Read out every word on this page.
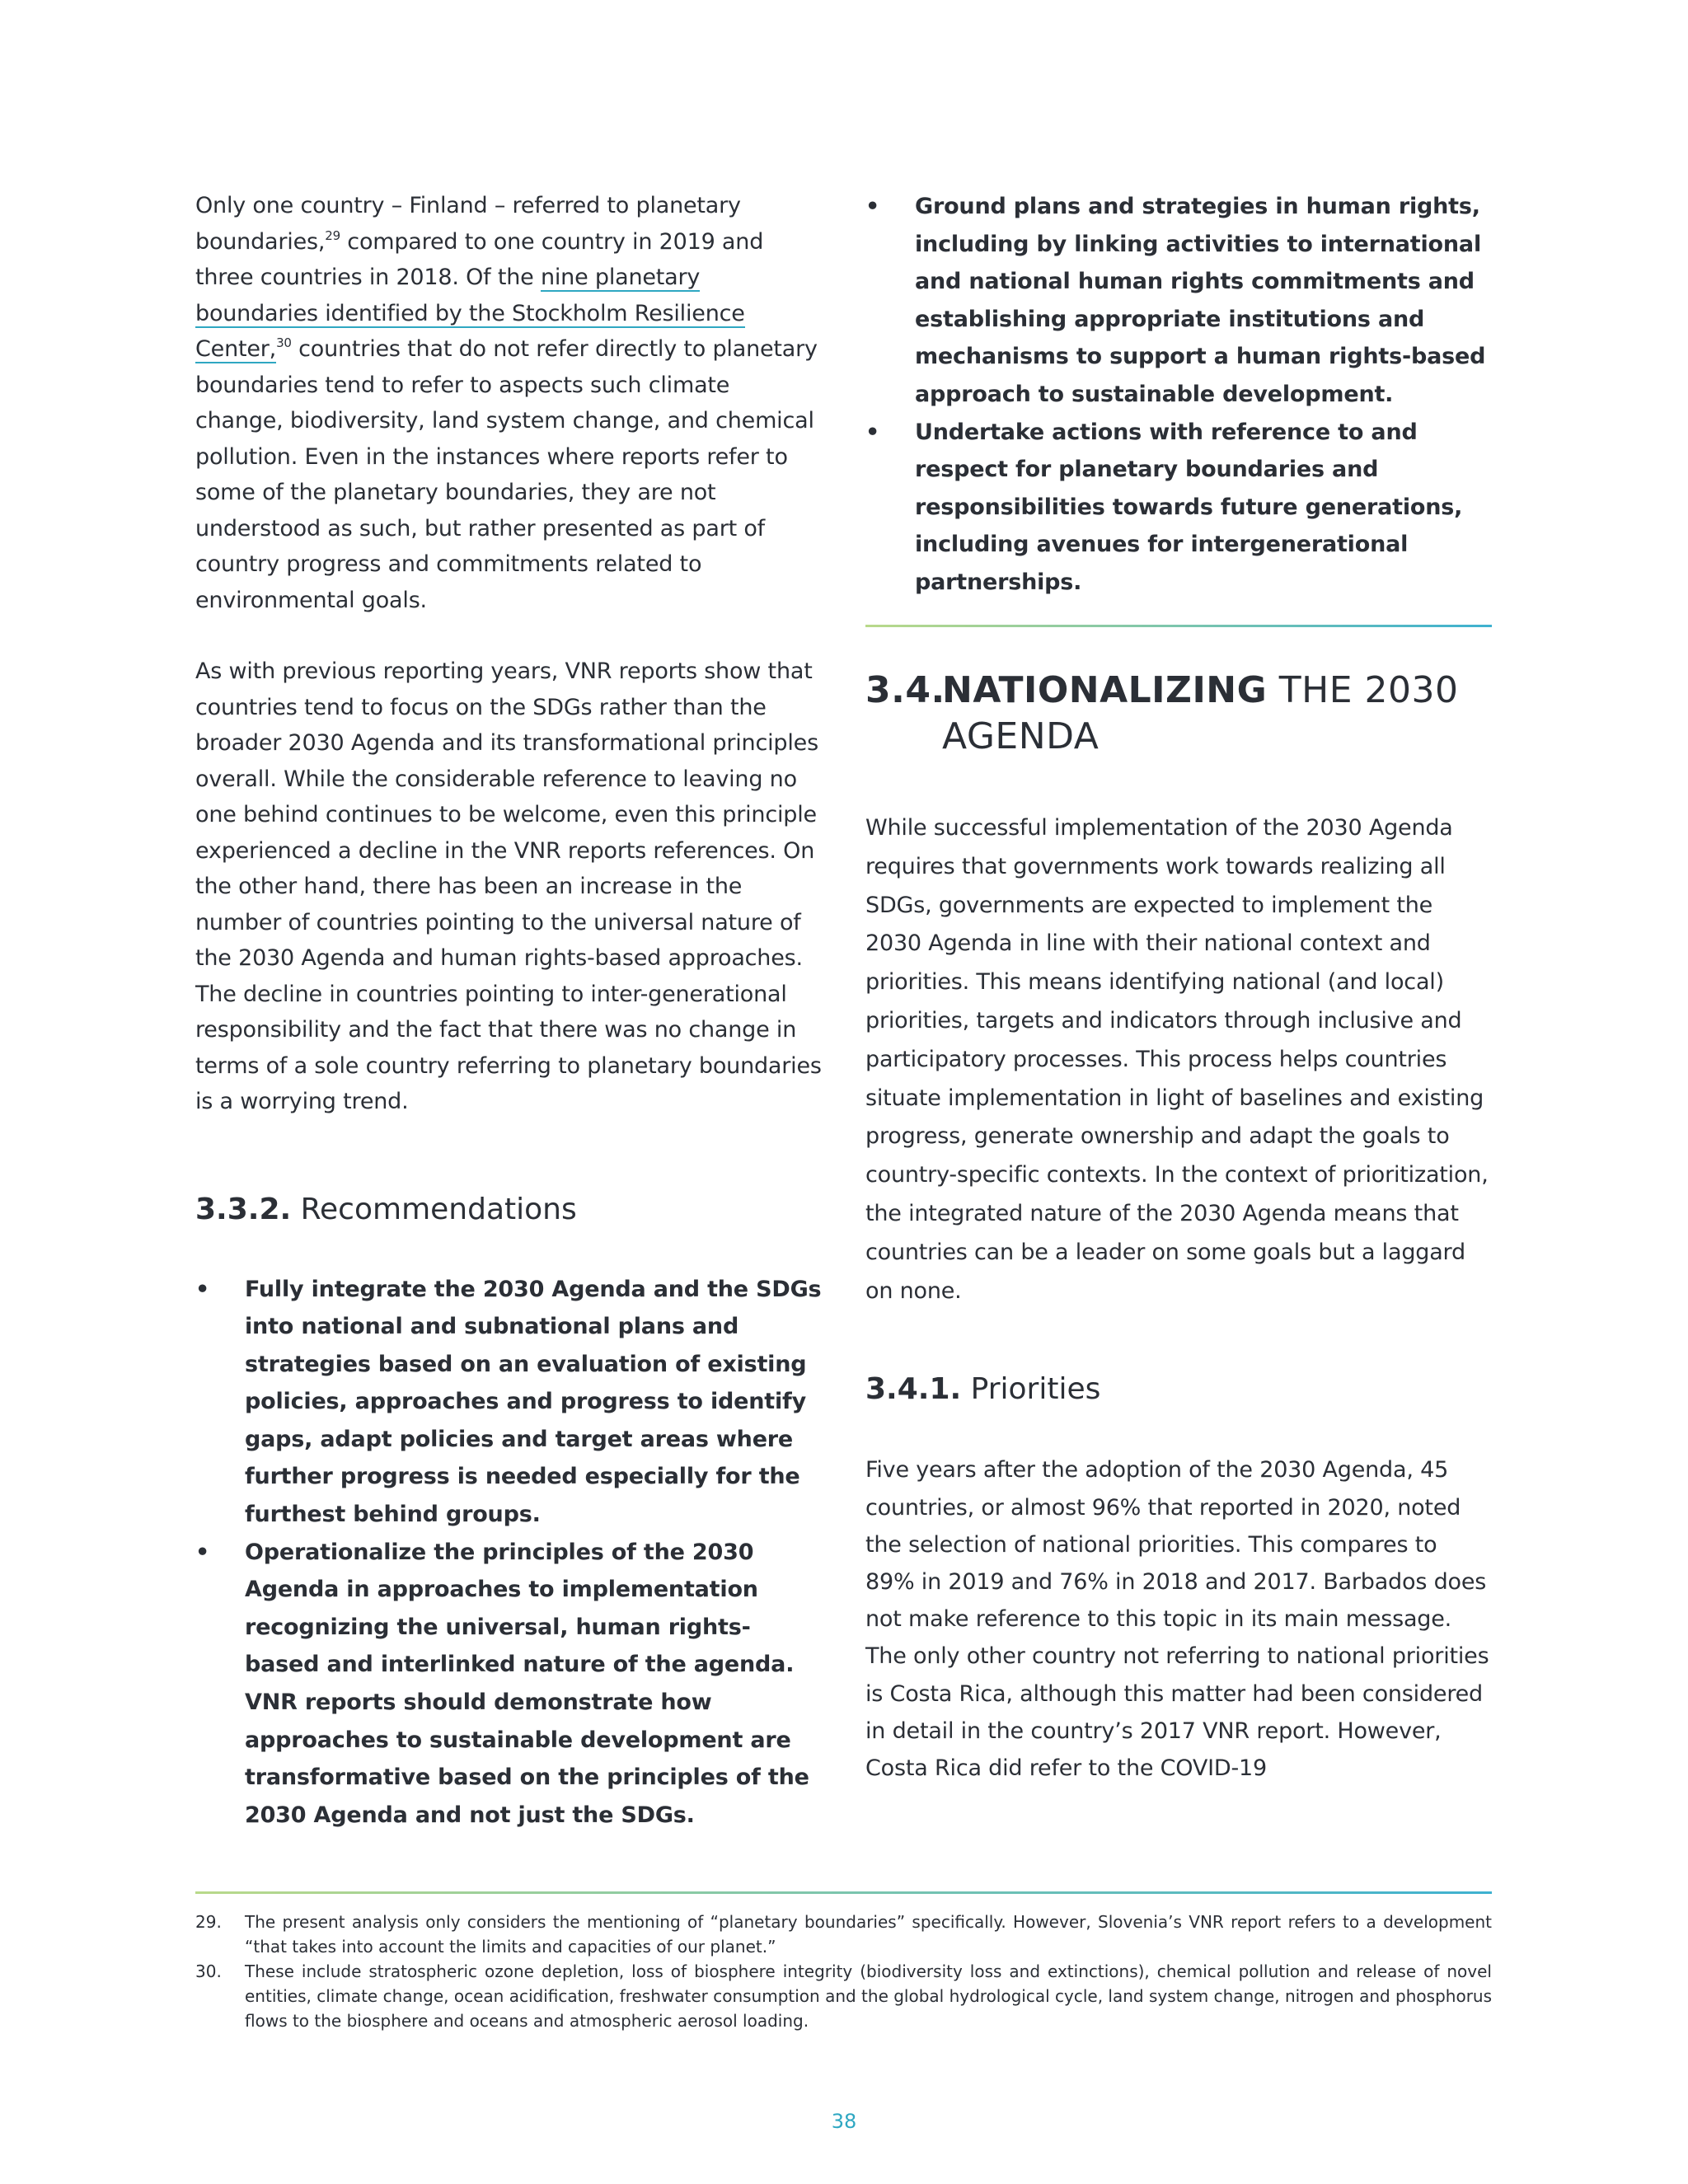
Only one country – Finland – referred to planetary boundaries,$^{29}$ compared to one country in 2019 and three countries in 2018. Of the nine planetary boundaries identified by the Stockholm Resilience Center,$^{30}$ countries that do not refer directly to planetary boundaries tend to refer to aspects such climate change, biodiversity, land system change, and chemical pollution. Even in the instances where reports refer to some of the planetary boundaries, they are not understood as such, but rather presented as part of country progress and commitments related to environmental goals.

As with previous reporting years, VNR reports show that countries tend to focus on the SDGs rather than the broader 2030 Agenda and its transformational principles overall. While the considerable reference to leaving no one behind continues to be welcome, even this principle experienced a decline in the VNR reports references. On the other hand, there has been an increase in the number of countries pointing to the universal nature of the 2030 Agenda and human rights-based approaches. The decline in countries pointing to inter-generational responsibility and the fact that there was no change in terms of a sole country referring to planetary boundaries is a worrying trend.

3.3.2. Recommendations
• Fully integrate the 2030 Agenda and the SDGs into national and subnational plans and strategies based on an evaluation of existing policies, approaches and progress to identify gaps, adapt policies and target areas where further progress is needed especially for the furthest behind groups.
• Operationalize the principles of the 2030 Agenda in approaches to implementation recognizing the universal, human rights-based and interlinked nature of the agenda. VNR reports should demonstrate how approaches to sustainable development are transformative based on the principles of the 2030 Agenda and not just the SDGs.
• Ground plans and strategies in human rights, including by linking activities to international and national human rights commitments and establishing appropriate institutions and mechanisms to support a human rights-based approach to sustainable development.
• Undertake actions with reference to and respect for planetary boundaries and responsibilities towards future generations, including avenues for intergenerational partnerships.
3.4.
NATIONALIZING THE 2030 AGENDA

While successful implementation of the 2030 Agenda requires that governments work towards realizing all SDGs, governments are expected to implement the 2030 Agenda in line with their national context and priorities. This means identifying national (and local) priorities, targets and indicators through inclusive and participatory processes. This process helps countries situate implementation in light of baselines and existing progress, generate ownership and adapt the goals to country-specific contexts. In the context of prioritization, the integrated nature of the 2030 Agenda means that countries can be a leader on some goals but a laggard on none.

3.4.1. Priorities

Five years after the adoption of the 2030 Agenda, 45 countries, or almost 96% that reported in 2020, noted the selection of national priorities. This compares to 89% in 2019 and 76% in 2018 and 2017. Barbados does not make reference to this topic in its main message. The only other country not referring to national priorities is Costa Rica, although this matter had been considered in detail in the country’s 2017 VNR report. However, Costa Rica did refer to the COVID-19

29. The present analysis only considers the mentioning of “planetary boundaries” specifically. However, Slovenia’s VNR report refers to a development “that takes into account the limits and capacities of our planet.”
30. These include stratospheric ozone depletion, loss of biosphere integrity (biodiversity loss and extinctions), chemical pollution and release of novel entities, climate change, ocean acidification, freshwater consumption and the global hydrological cycle, land system change, nitrogen and phosphorus flows to the biosphere and oceans and atmospheric aerosol loading.
38
